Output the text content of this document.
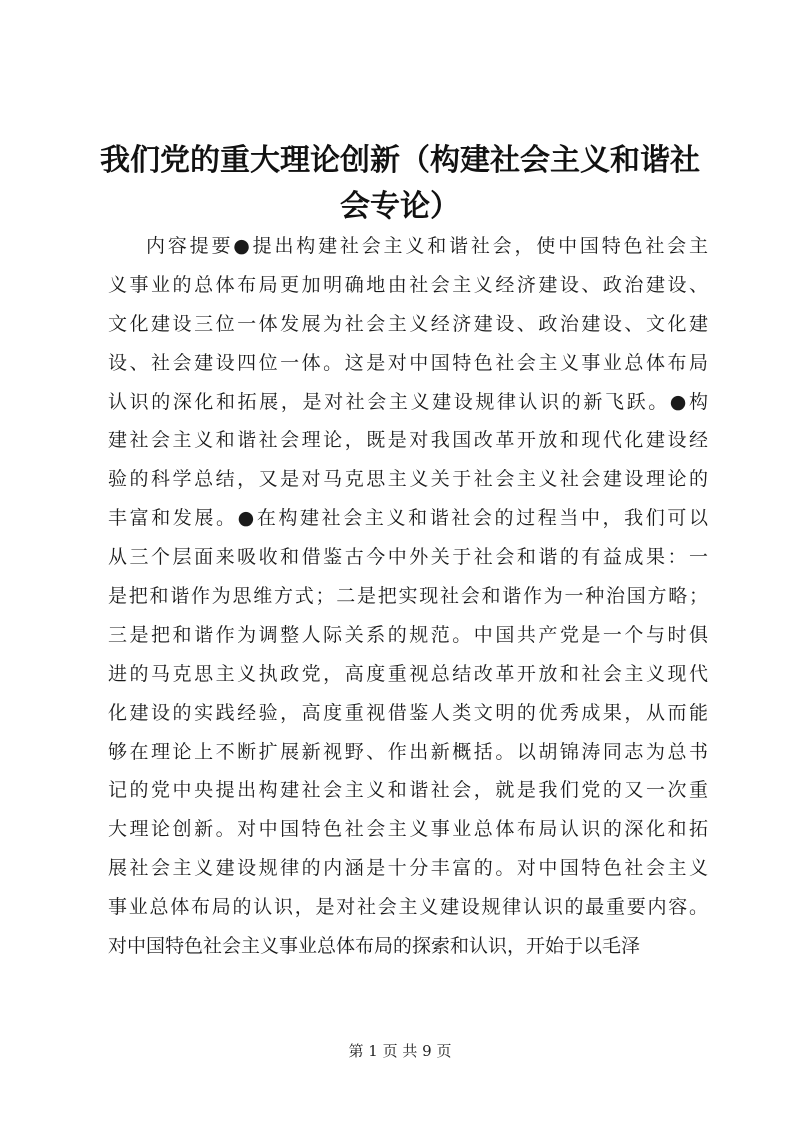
我们党的重大理论创新（构建社会主义和谐社
会专论）
内容提要●提出构建社会主义和谐社会，使中国特色社会主
义事业的总体布局更加明确地由社会主义经济建设、政治建设、
文化建设三位一体发展为社会主义经济建设、政治建设、文化建
设、社会建设四位一体。这是对中国特色社会主义事业总体布局
认识的深化和拓展，是对社会主义建设规律认识的新飞跃。●构
建社会主义和谐社会理论，既是对我国改革开放和现代化建设经
验的科学总结，又是对马克思主义关于社会主义社会建设理论的
丰富和发展。●在构建社会主义和谐社会的过程当中，我们可以
从三个层面来吸收和借鉴古今中外关于社会和谐的有益成果：一
是把和谐作为思维方式；二是把实现社会和谐作为一种治国方略；
三是把和谐作为调整人际关系的规范。中国共产党是一个与时俱
进的马克思主义执政党，高度重视总结改革开放和社会主义现代
化建设的实践经验，高度重视借鉴人类文明的优秀成果，从而能
够在理论上不断扩展新视野、作出新概括。以胡锦涛同志为总书
记的党中央提出构建社会主义和谐社会，就是我们党的又一次重
大理论创新。对中国特色社会主义事业总体布局认识的深化和拓
展社会主义建设规律的内涵是十分丰富的。对中国特色社会主义
事业总体布局的认识，是对社会主义建设规律认识的最重要内容。
对中国特色社会主义事业总体布局的探索和认识，开始于以毛泽
第 1 页 共 9 页
